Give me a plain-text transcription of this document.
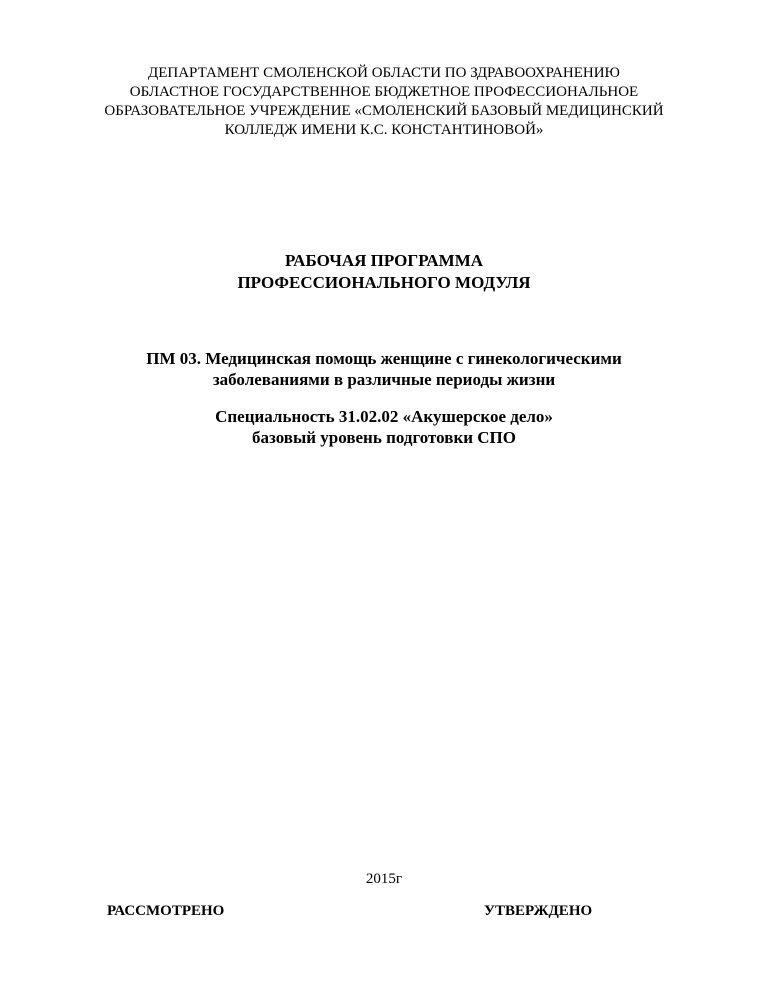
ДЕПАРТАМЕНТ СМОЛЕНСКОЙ ОБЛАСТИ ПО ЗДРАВООХРАНЕНИЮ
ОБЛАСТНОЕ ГОСУДАРСТВЕННОЕ БЮДЖЕТНОЕ ПРОФЕССИОНАЛЬНОЕ
ОБРАЗОВАТЕЛЬНОЕ УЧРЕЖДЕНИЕ «СМОЛЕНСКИЙ БАЗОВЫЙ МЕДИЦИНСКИЙ
КОЛЛЕДЖ ИМЕНИ К.С. КОНСТАНТИНОВОЙ»
РАБОЧАЯ ПРОГРАММА
ПРОФЕССИОНАЛЬНОГО МОДУЛЯ
ПМ 03. Медицинская помощь женщине с гинекологическими
заболеваниями в различные периоды жизни
Специальность 31.02.02 «Акушерское дело»
базовый уровень подготовки СПО
2015г
РАССМОТРЕНО	УТВЕРЖДЕНО
